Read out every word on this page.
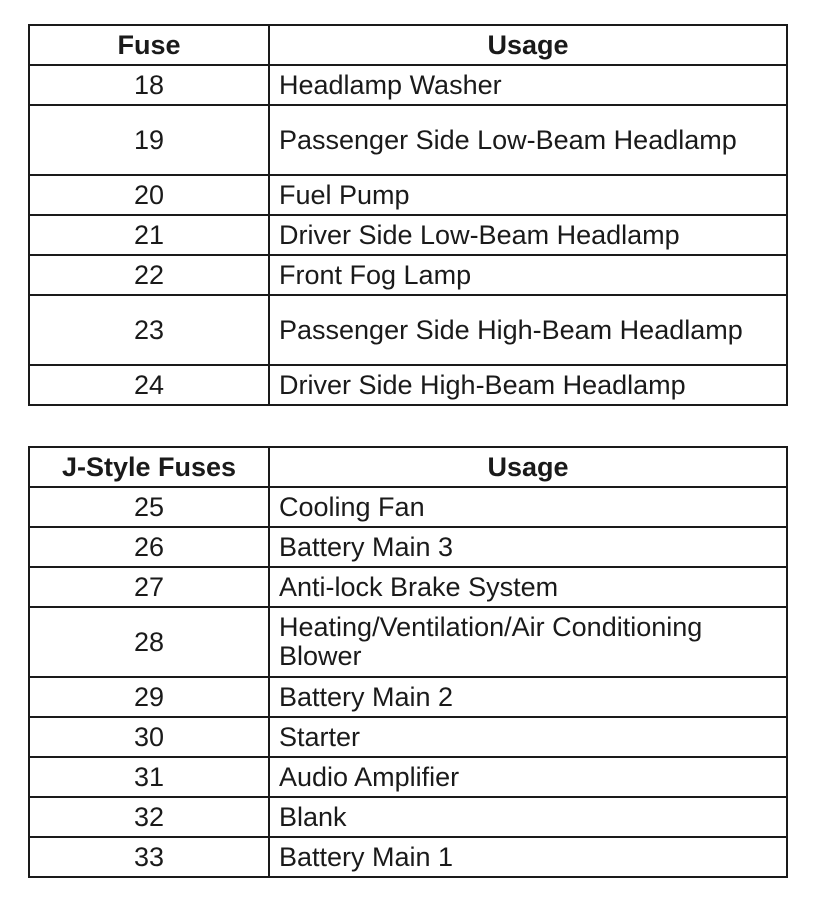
Fuse	Usage
18	Headlamp Washer
19	Passenger Side Low-Beam Headlamp
20	Fuel Pump
21	Driver Side Low-Beam Headlamp
22	Front Fog Lamp
23	Passenger Side High-Beam Headlamp
24	Driver Side High-Beam Headlamp
J-Style Fuses	Usage
25	Cooling Fan
26	Battery Main 3
27	Anti-lock Brake System
28	Heating/Ventilation/Air Conditioning Blower
29	Battery Main 2
30	Starter
31	Audio Amplifier
32	Blank
33	Battery Main 1
